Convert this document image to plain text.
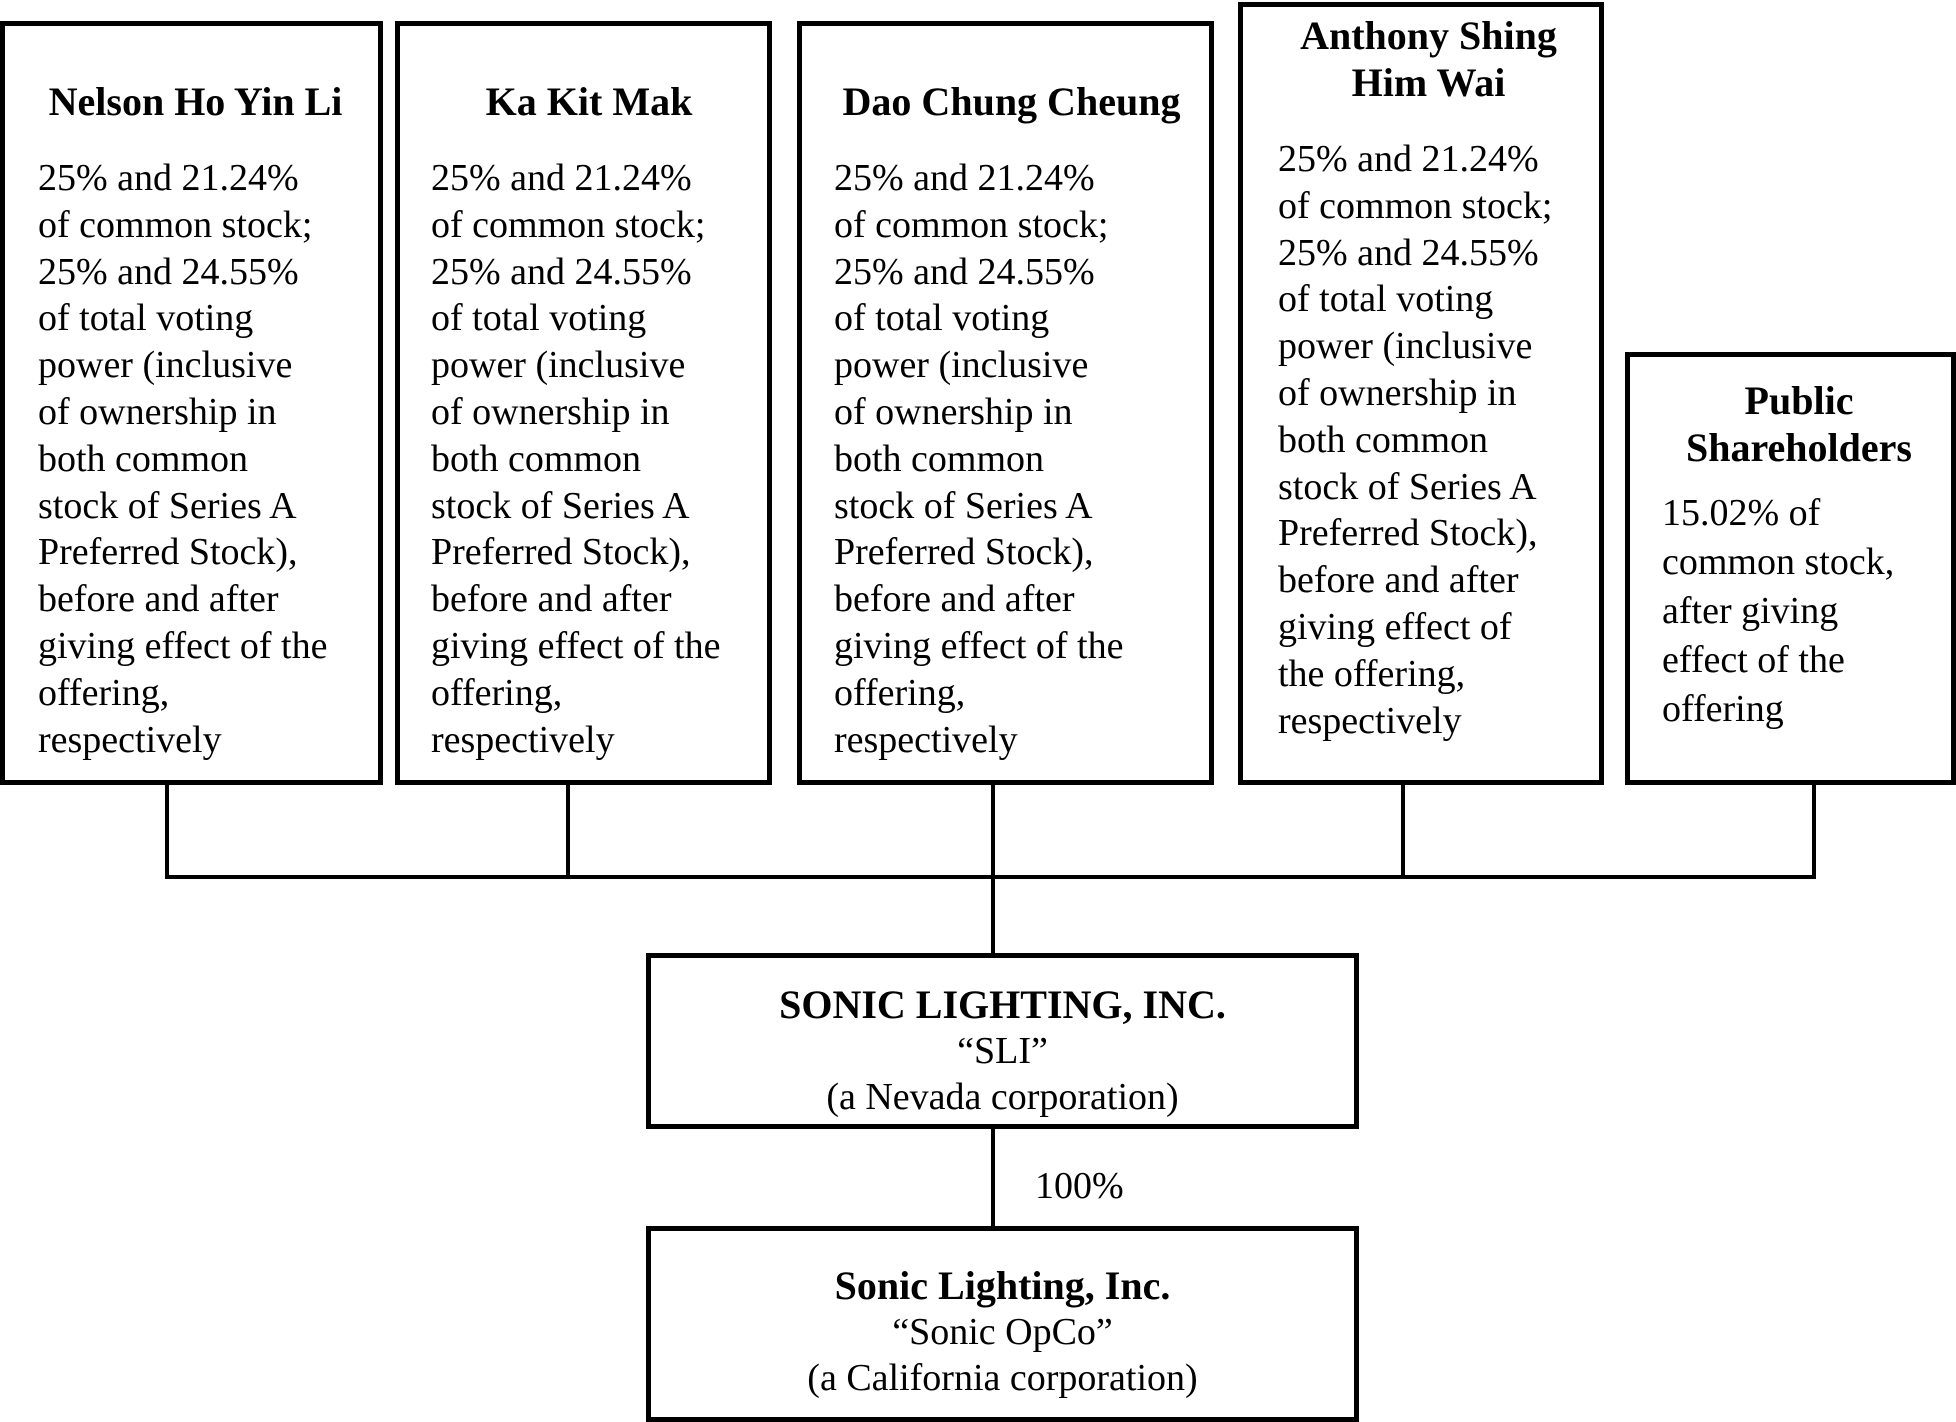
Nelson Ho Yin Li

25% and 21.24%
of common stock;
25% and 24.55%
of total voting
power (inclusive
of ownership in
both common
stock of Series A
Preferred Stock),
before and after
giving effect of the
offering,
respectively

Ka Kit Mak

25% and 21.24%
of common stock;
25% and 24.55%
of total voting
power (inclusive
of ownership in
both common
stock of Series A
Preferred Stock),
before and after
giving effect of the
offering,
respectively

Dao Chung Cheung

25% and 21.24%
of common stock;
25% and 24.55%
of total voting
power (inclusive
of ownership in
both common
stock of Series A
Preferred Stock),
before and after
giving effect of the
offering,
respectively

Anthony Shing
Him Wai

25% and 21.24%
of common stock;
25% and 24.55%
of total voting
power (inclusive
of ownership in
both common
stock of Series A
Preferred Stock),
before and after
giving effect of
the offering,
respectively

Public
Shareholders

15.02% of
common stock,
after giving
effect of the
offering

SONIC LIGHTING, INC.
“SLI”
(a Nevada corporation)
100%
Sonic Lighting, Inc.
“Sonic OpCo”
(a California corporation)
